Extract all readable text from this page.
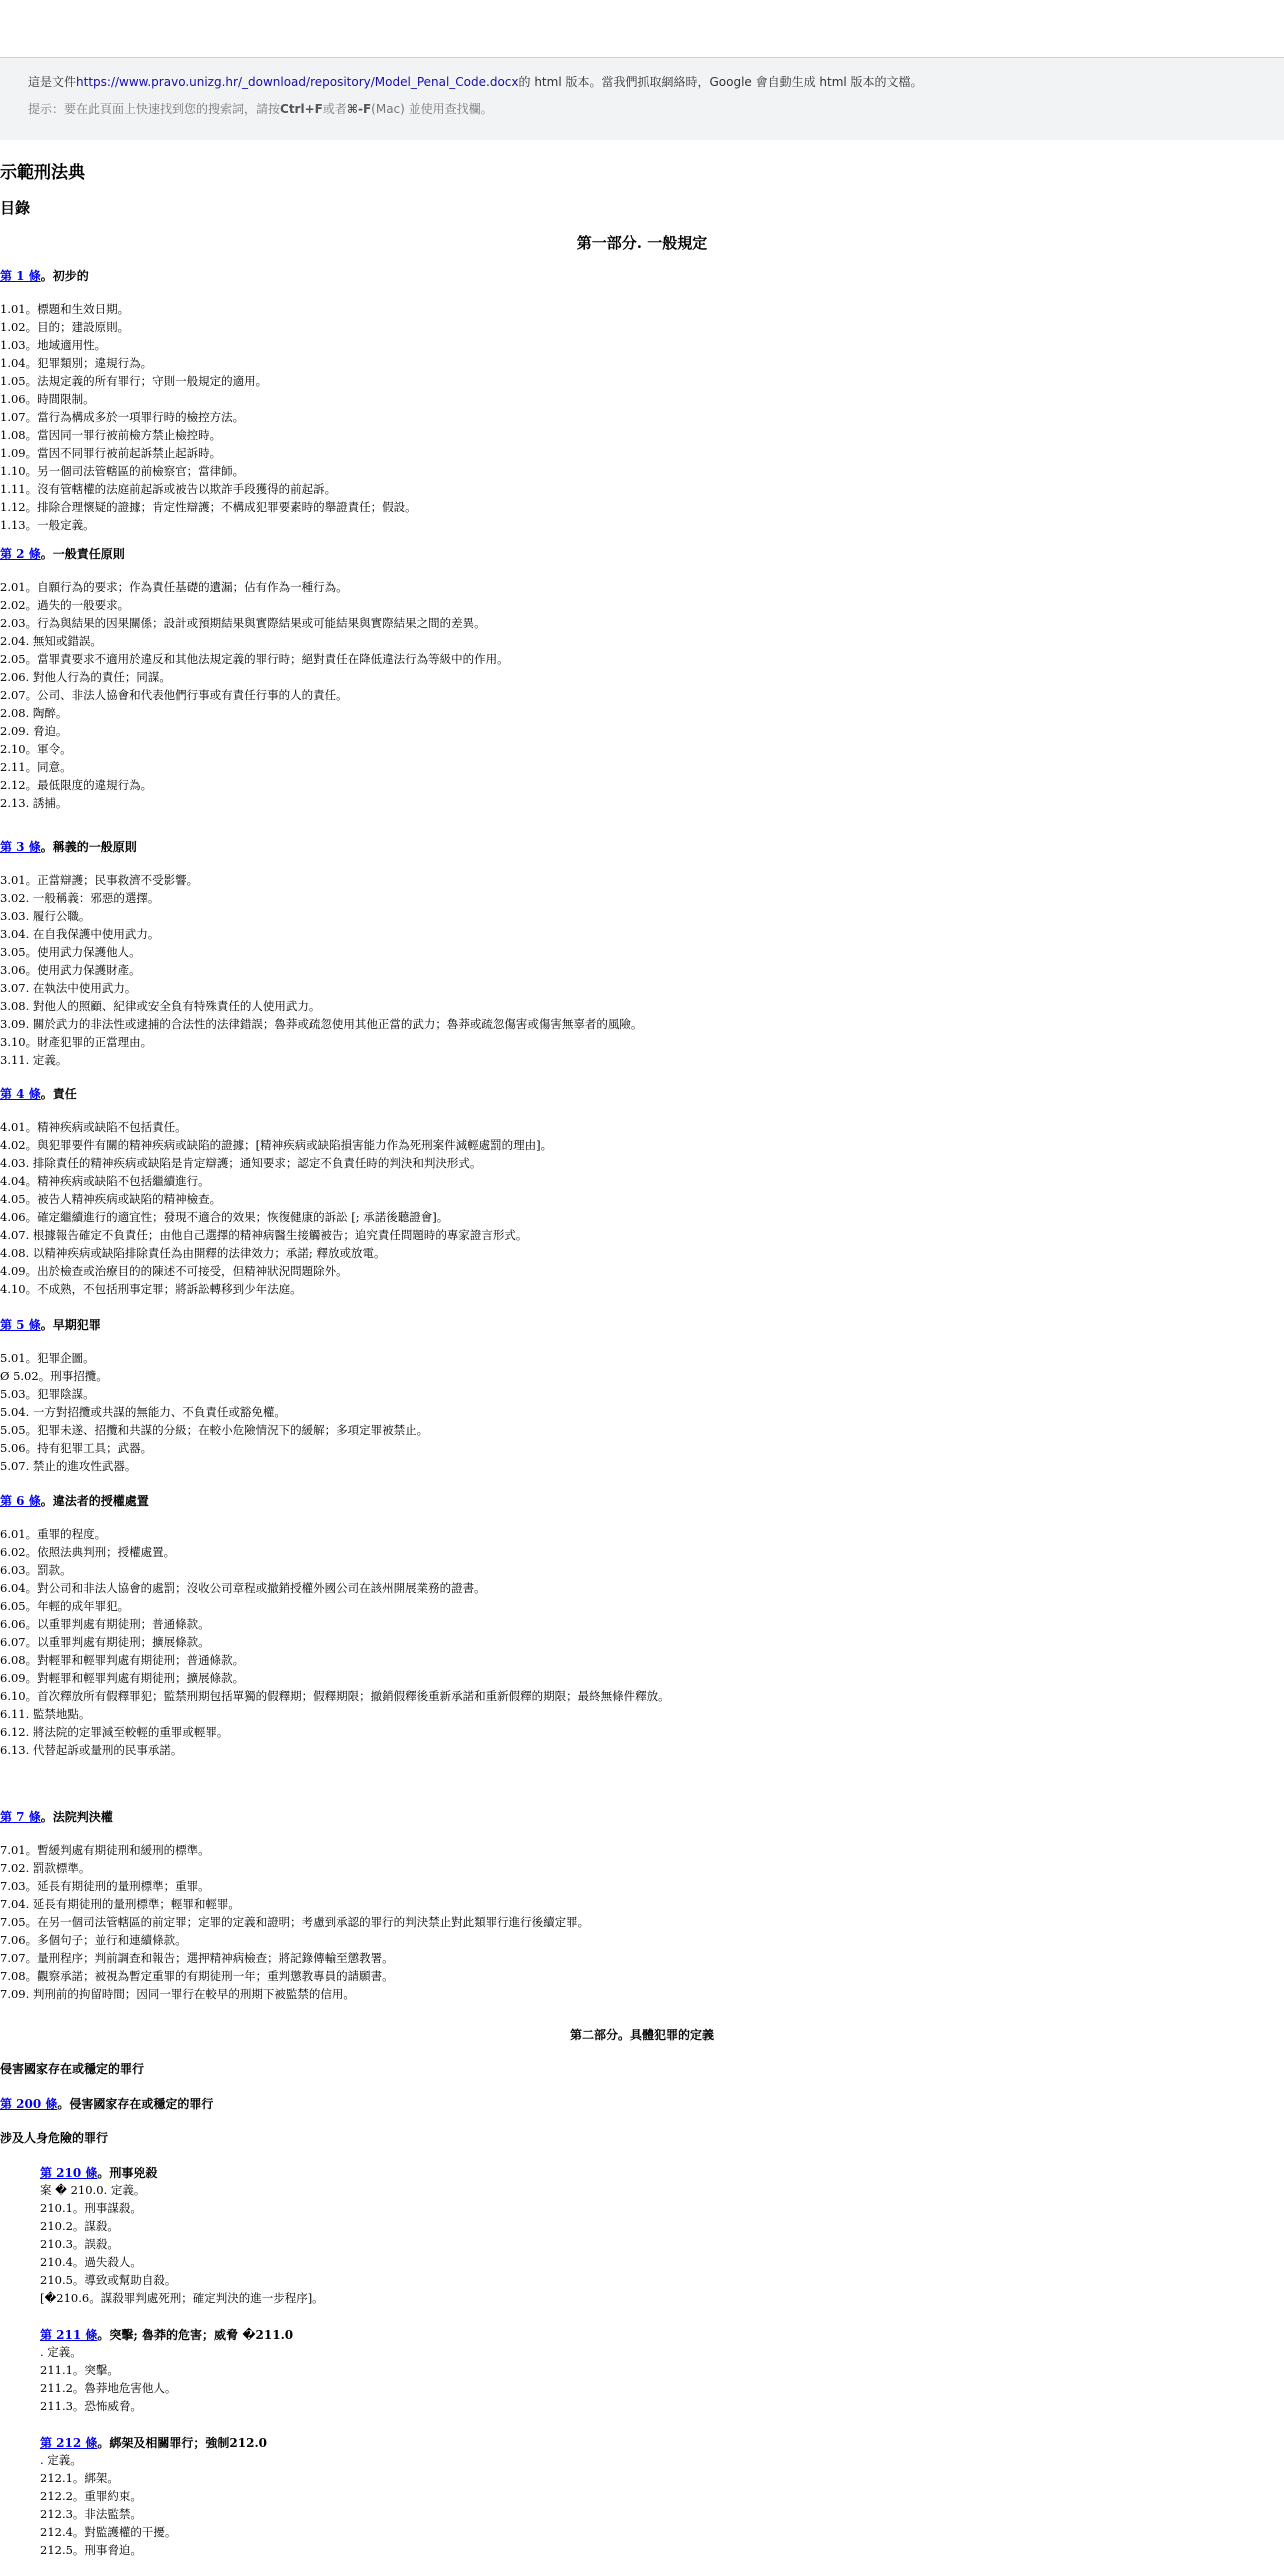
這是文件https://www.pravo.unizg.hr/_download/repository/Model_Penal_Code.docx的 html 版本。當我們抓取網絡時，Google 會自動生成 html 版本的文檔。
提示：要在此頁面上快速找到您的搜索詞，請按Ctrl+F或者⌘-F(Mac) 並使用查找欄。
示範刑法典
目錄
第一部分. 一般規定
第 1 條。初步的
1.01。標題和生效日期。
1.02。目的；建設原則。
1.03。地域適用性。
1.04。犯罪類別；違規行為。
1.05。法規定義的所有罪行；守則一般規定的適用。
1.06。時間限制。
1.07。當行為構成多於一項罪行時的檢控方法。
1.08。當因同一罪行被前檢方禁止檢控時。
1.09。當因不同罪行被前起訴禁止起訴時。
1.10。另一個司法管轄區的前檢察官；當律師。
1.11。沒有管轄權的法庭前起訴或被告以欺詐手段獲得的前起訴。
1.12。排除合理懷疑的證據；肯定性辯護；不構成犯罪要素時的舉證責任；假設。
1.13。一般定義。
第 2 條。一般責任原則
2.01。自願行為的要求；作為責任基礎的遺漏；佔有作為一種行為。
2.02。過失的一般要求。
2.03。行為與結果的因果關係；設計或預期結果與實際結果或可能結果與實際結果之間的差異。
2.04. 無知或錯誤。
2.05。當罪責要求不適用於違反和其他法規定義的罪行時；絕對責任在降低違法行為等級中的作用。
2.06. 對他人行為的責任；同謀。
2.07。公司、非法人協會和代表他們行事或有責任行事的人的責任。
2.08. 陶醉。
2.09. 脅迫。
2.10。軍令。
2.11。同意。
2.12。最低限度的違規行為。
2.13. 誘捕。
第 3 條。稱義的一般原則
3.01。正當辯護；民事救濟不受影響。
3.02. 一般稱義：邪惡的選擇。
3.03. 履行公職。
3.04. 在自我保護中使用武力。
3.05。使用武力保護他人。
3.06。使用武力保護財產。
3.07. 在執法中使用武力。
3.08. 對他人的照顧、紀律或安全負有特殊責任的人使用武力。
3.09. 關於武力的非法性或逮捕的合法性的法律錯誤；魯莽或疏忽使用其他正當的武力；魯莽或疏忽傷害或傷害無辜者的風險。
3.10。財產犯罪的正當理由。
3.11. 定義。
第 4 條。責任
4.01。精神疾病或缺陷不包括責任。
4.02。與犯罪要件有關的精神疾病或缺陷的證據；[精神疾病或缺陷損害能力作為死刑案件減輕處罰的理由]。
4.03. 排除責任的精神疾病或缺陷是肯定辯護；通知要求；認定不負責任時的判決和判決形式。
4.04。精神疾病或缺陷不包括繼續進行。
4.05。被告人精神疾病或缺陷的精神檢查。
4.06。確定繼續進行的適宜性；發現不適合的效果；恢復健康的訴訟 [; 承諾後聽證會]。
4.07. 根據報告確定不負責任；由他自己選擇的精神病醫生接觸被告；追究責任問題時的專家證言形式。
4.08. 以精神疾病或缺陷排除責任為由開釋的法律效力；承諾; 釋放或放電。
4.09。出於檢查或治療目的的陳述不可接受，但精神狀況問題除外。
4.10。不成熟，不包括刑事定罪；將訴訟轉移到少年法庭。
第 5 條。早期犯罪
5.01。犯罪企圖。
Ø 5.02。刑事招攬。
5.03。犯罪陰謀。
5.04. 一方對招攬或共謀的無能力、不負責任或豁免權。
5.05。犯罪未遂、招攬和共謀的分級；在較小危險情況下的緩解；多項定罪被禁止。
5.06。持有犯罪工具；武器。
5.07. 禁止的進攻性武器。
第 6 條。違法者的授權處置
6.01。重罪的程度。
6.02。依照法典判刑；授權處置。
6.03。罰款。
6.04。對公司和非法人協會的處罰；沒收公司章程或撤銷授權外國公司在該州開展業務的證書。
6.05。年輕的成年罪犯。
6.06。以重罪判處有期徒刑；普通條款。
6.07。以重罪判處有期徒刑；擴展條款。
6.08。對輕罪和輕罪判處有期徒刑；普通條款。
6.09。對輕罪和輕罪判處有期徒刑；擴展條款。
6.10。首次釋放所有假釋罪犯；監禁刑期包括單獨的假釋期；假釋期限；撤銷假釋後重新承諾和重新假釋的期限；最終無條件釋放。
6.11. 監禁地點。
6.12. 將法院的定罪減至較輕的重罪或輕罪。
6.13. 代替起訴或量刑的民事承諾。
第 7 條。法院判決權
7.01。暫緩判處有期徒刑和緩刑的標準。
7.02. 罰款標準。
7.03。延長有期徒刑的量刑標準；重罪。
7.04. 延長有期徒刑的量刑標準；輕罪和輕罪。
7.05。在另一個司法管轄區的前定罪；定罪的定義和證明；考慮到承認的罪行的判決禁止對此類罪行進行後續定罪。
7.06。多個句子；並行和連續條款。
7.07。量刑程序；判前調查和報告；選押精神病檢查；將記錄傳輸至懲教署。
7.08。觀察承諾；被視為暫定重罪的有期徒刑一年；重判懲教專員的請願書。
7.09. 判刑前的拘留時間；因同一罪行在較早的刑期下被監禁的信用。
第二部分。具體犯罪的定義
侵害國家存在或穩定的罪行
第 200 條。侵害國家存在或穩定的罪行
涉及人身危險的罪行
第 210 條。刑事兇殺
案 � 210.0. 定義。
210.1。刑事謀殺。
210.2。謀殺。
210.3。誤殺。
210.4。過失殺人。
210.5。導致或幫助自殺。
[�210.6。謀殺罪判處死刑；確定判決的進一步程序]。
第 211 條。突擊; 魯莽的危害；威脅 �211.0
. 定義。
211.1。突擊。
211.2。魯莽地危害他人。
211.3。恐怖威脅。
第 212 條。綁架及相關罪行；強制212.0
. 定義。
212.1。綁架。
212.2。重罪約束。
212.3。非法監禁。
212.4。對監護權的干擾。
212.5。刑事脅迫。
